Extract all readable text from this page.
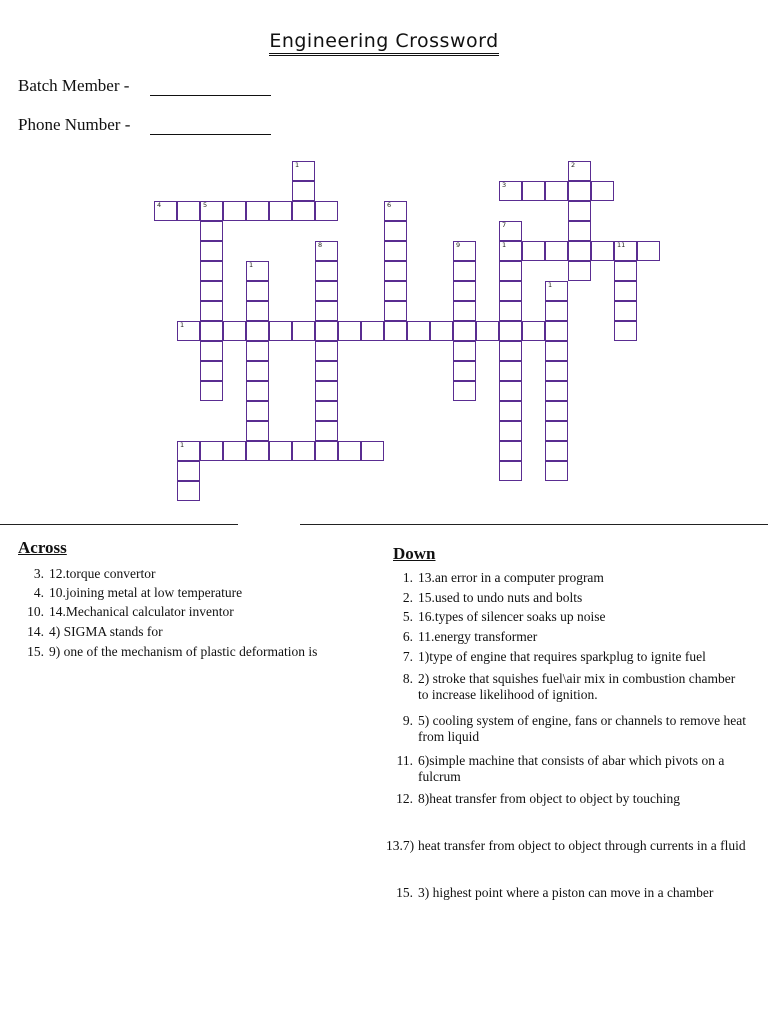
Engineering Crossword
Batch Member -
Phone Number -
4	5
3
1	11
1
1
1	2
6
7
8	9
1
1
Across
3. 12.torque convertor
4. 10.joining metal at low temperature
10. 14.Mechanical calculator inventor
14. 4) SIGMA stands for
15. 9) one of the mechanism of plastic deformation is
Down
1. 13.an error in a computer program
2. 15.used to undo nuts and bolts
5. 16.types of silencer soaks up noise
6. 11.energy transformer
7. 1)type of engine that requires sparkplug to ignite fuel
8. 2) stroke that squishes fuel\air mix in combustion chamber to increase likelihood of ignition.
9. 5) cooling system of engine, fans or channels to remove heat from liquid
11. 6)simple machine that consists of abar which pivots on a fulcrum
12. 8)heat transfer from object to object by touching
13.7) heat transfer from object to object through currents in a fluid
15. 3) highest point where a piston can move in a chamber
